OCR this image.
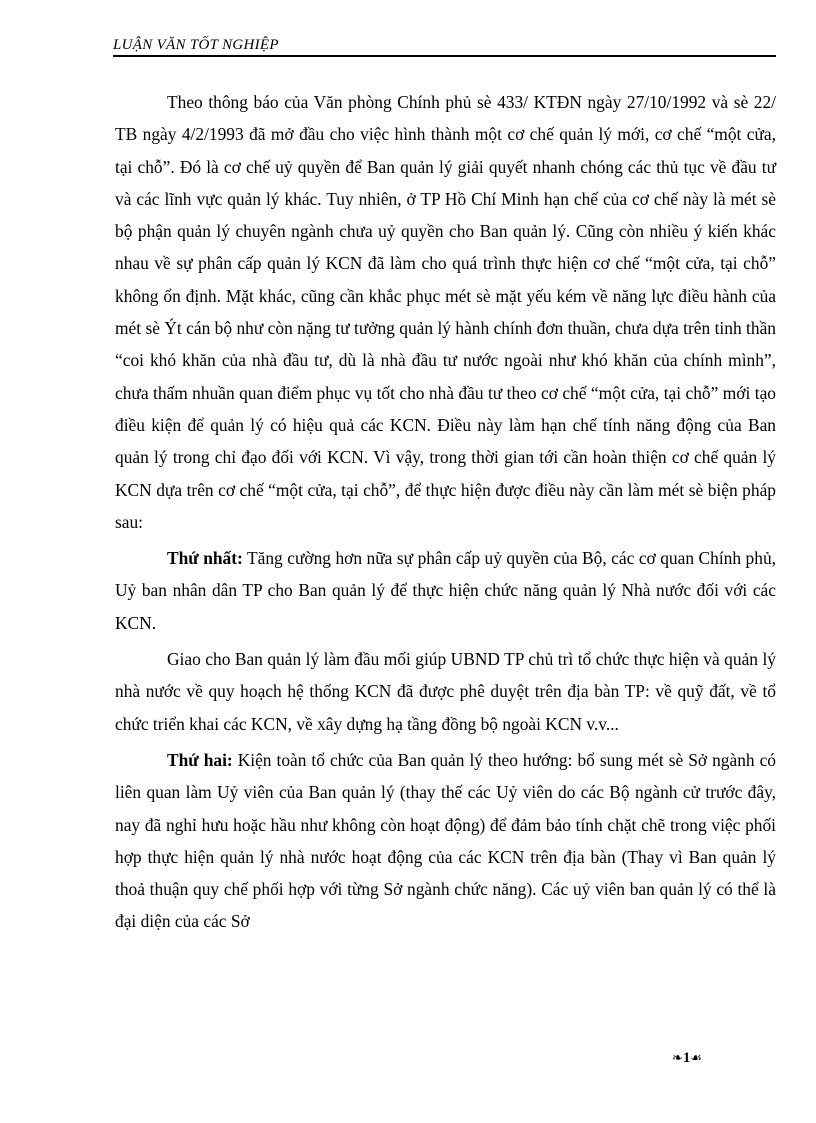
LUẬN VĂN TỐT NGHIỆP

Theo thông báo của Văn phòng Chính phủ sè 433/ KTĐN ngày 27/10/1992 và sè 22/ TB ngày 4/2/1993 đã mở đầu cho việc hình thành một cơ chế quản lý mới, cơ chế “một cửa, tại chỗ”. Đó là cơ chế uỷ quyền để Ban quản lý giải quyết nhanh chóng các thủ tục về đầu tư và các lĩnh vực quản lý khác. Tuy nhiên, ở TP Hồ Chí Minh hạn chế của cơ chế này là mét sè bộ phận quản lý chuyên ngành chưa uỷ quyền cho Ban quản lý. Cũng còn nhiều ý kiến khác nhau về sự phân cấp quản lý KCN đã làm cho quá trình thực hiện cơ chế “một cửa, tại chỗ” không ổn định. Mặt khác, cũng cần khắc phục mét sè mặt yếu kém về năng lực điều hành của mét sè Ýt cán bộ như còn nặng tư tưởng quản lý hành chính đơn thuần, chưa dựa trên tinh thần “coi khó khăn của nhà đầu tư, dù là nhà đầu tư nước ngoài như khó khăn của chính mình”, chưa thấm nhuần quan điểm phục vụ tốt cho nhà đầu tư theo cơ chế “một cửa, tại chỗ” mới tạo điều kiện để quản lý có hiệu quả các KCN. Điều này làm hạn chế tính năng động của Ban quản lý trong chỉ đạo đối với KCN. Vì vậy, trong thời gian tới cần hoàn thiện cơ chế quản lý KCN dựa trên cơ chế “một cửa, tại chỗ”, để thực hiện được điều này cần làm mét sè biện pháp sau:

Thứ nhất: Tăng cường hơn nữa sự phân cấp uỷ quyền của Bộ, các cơ quan Chính phủ, Uỷ ban nhân dân TP cho Ban quản lý để thực hiện chức năng quản lý Nhà nước đối với các KCN.

Giao cho Ban quản lý làm đầu mối giúp UBND TP chủ trì tổ chức thực hiện và quản lý nhà nước về quy hoạch hệ thống KCN đã được phê duyệt trên địa bàn TP: về quỹ đất, về tổ chức triển khai các KCN, về xây dựng hạ tầng đồng bộ ngoài KCN v.v...

Thứ hai: Kiện toàn tổ chức của Ban quản lý theo hướng: bổ sung mét sè Sở ngành có liên quan làm Uỷ viên của Ban quản lý (thay thế các Uỷ viên do các Bộ ngành cử trước đây, nay đã nghỉ hưu hoặc hầu như không còn hoạt động) để đảm bảo tính chặt chẽ trong việc phối hợp thực hiện quản lý nhà nước hoạt động của các KCN trên địa bàn (Thay vì Ban quản lý thoả thuận quy chế phối hợp với từng Sở ngành chức năng). Các uỷ viên ban quản lý có thể là đại diện của các Sở

❧1☙
